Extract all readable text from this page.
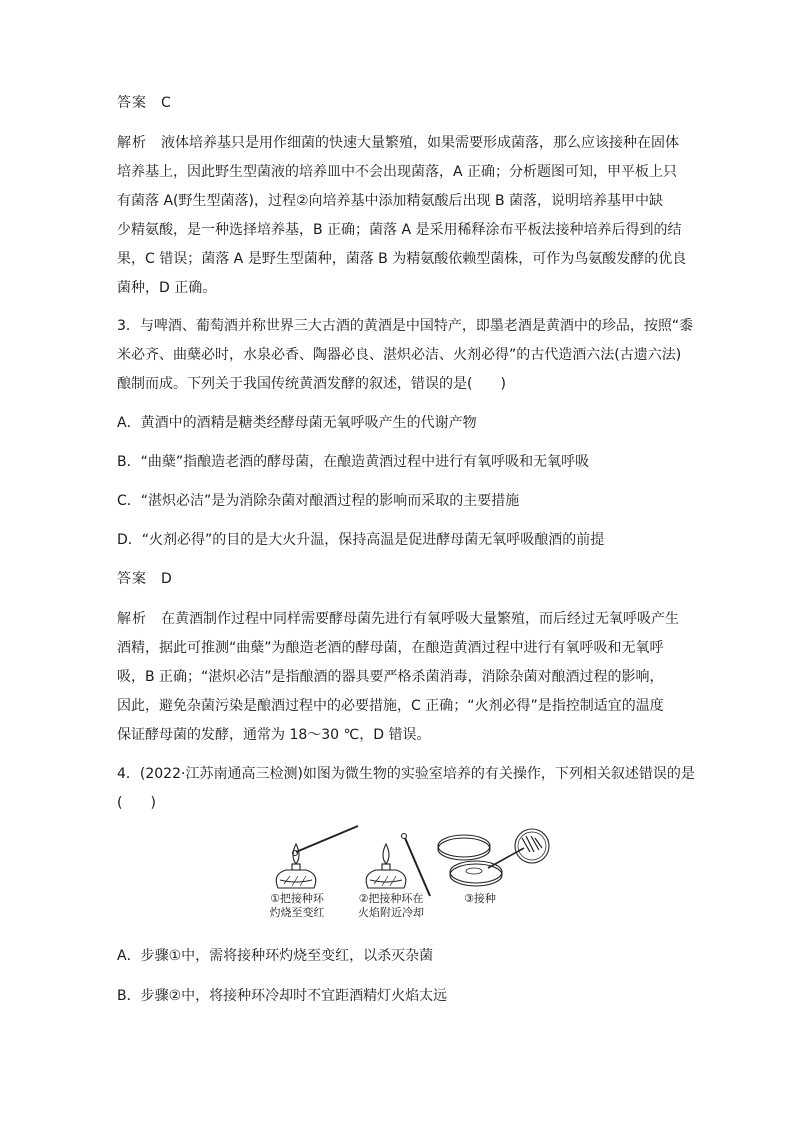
答案 C
解析 液体培养基只是用作细菌的快速大量繁殖，如果需要形成菌落，那么应该接种在固体
培养基上，因此野生型菌液的培养皿中不会出现菌落，A 正确；分析题图可知，甲平板上只
有菌落 A(野生型菌落)，过程②向培养基中添加精氨酸后出现 B 菌落，说明培养基甲中缺
少精氨酸，是一种选择培养基，B 正确；菌落 A 是采用稀释涂布平板法接种培养后得到的结
果，C 错误；菌落 A 是野生型菌种，菌落 B 为精氨酸依赖型菌株，可作为鸟氨酸发酵的优良
菌种，D 正确。
3．与啤酒、葡萄酒并称世界三大古酒的黄酒是中国特产，即墨老酒是黄酒中的珍品，按照“黍
米必齐、曲蘖必时，水泉必香、陶器必良、湛炽必洁、火剂必得”的古代造酒六法(古遗六法)
酿制而成。下列关于我国传统黄酒发酵的叙述，错误的是(　　)
A．黄酒中的酒精是糖类经酵母菌无氧呼吸产生的代谢产物
B．“曲蘖”指酿造老酒的酵母菌，在酿造黄酒过程中进行有氧呼吸和无氧呼吸
C．“湛炽必洁”是为消除杂菌对酿酒过程的影响而采取的主要措施
D．“火剂必得”的目的是大火升温，保持高温是促进酵母菌无氧呼吸酿酒的前提
答案 D
解析 在黄酒制作过程中同样需要酵母菌先进行有氧呼吸大量繁殖，而后经过无氧呼吸产生
酒精，据此可推测“曲蘖”为酿造老酒的酵母菌，在酿造黄酒过程中进行有氧呼吸和无氧呼
吸，B 正确；“湛炽必洁”是指酿酒的器具要严格杀菌消毒，消除杂菌对酿酒过程的影响，
因此，避免杂菌污染是酿酒过程中的必要措施，C 正确；“火剂必得”是指控制适宜的温度
保证酵母菌的发酵，通常为 18～30 ℃，D 错误。
4．(2022·江苏南通高三检测)如图为微生物的实验室培养的有关操作，下列相关叙述错误的是
(　　)
①把接种环
灼烧至变红
②把接种环在
火焰附近冷却
③接种
A．步骤①中，需将接种环灼烧至变红，以杀灭杂菌
B．步骤②中，将接种环冷却时不宜距酒精灯火焰太远
